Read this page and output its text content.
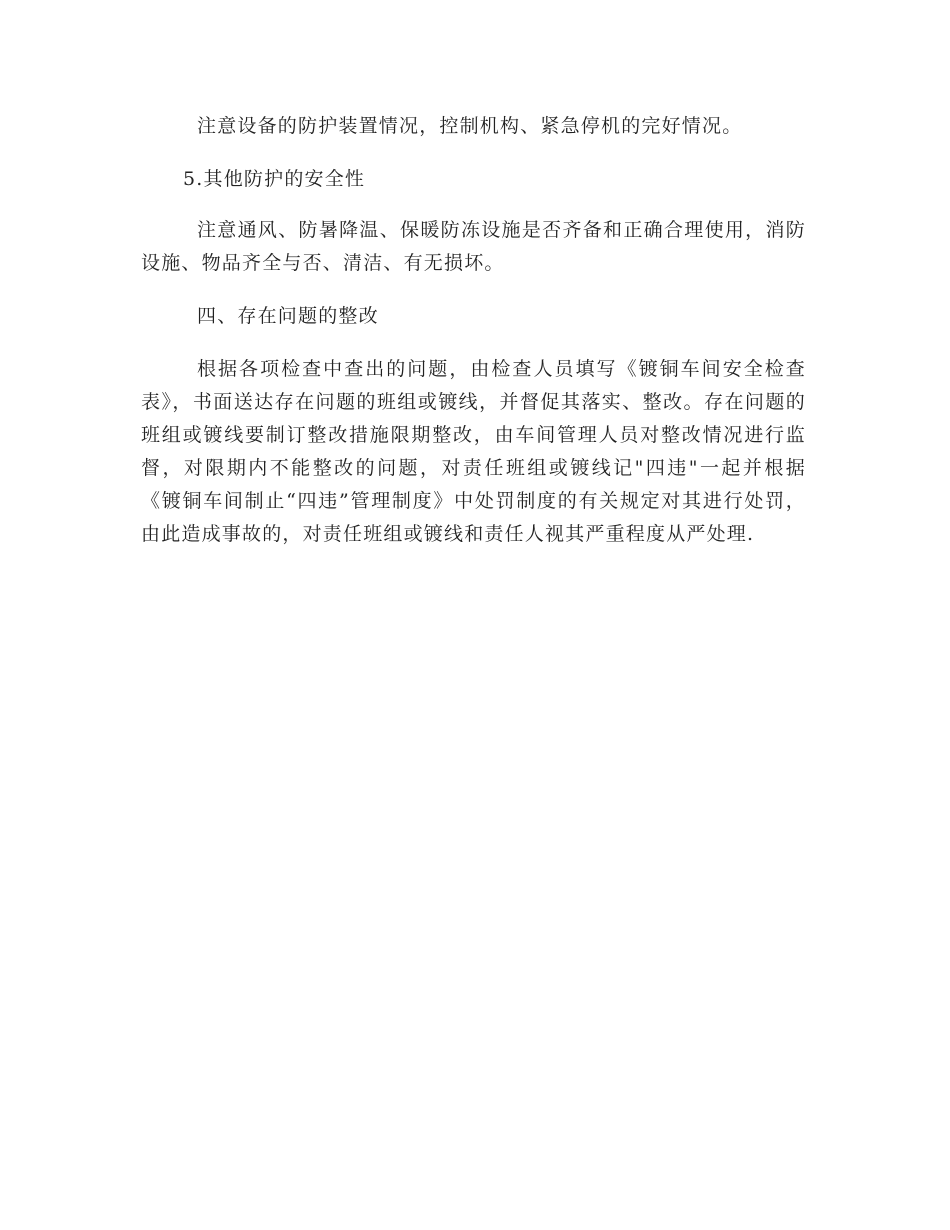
注意设备的防护装置情况，控制机构、紧急停机的完好情况。

5.其他防护的安全性

注意通风、防暑降温、保暖防冻设施是否齐备和正确合理使用，消防设施、物品齐全与否、清洁、有无损坏。

四、存在问题的整改

根据各项检查中查出的问题，由检查人员填写《镀铜车间安全检查表》，书面送达存在问题的班组或镀线，并督促其落实、整改。存在问题的班组或镀线要制订整改措施限期整改，由车间管理人员对整改情况进行监督，对限期内不能整改的问题，对责任班组或镀线记"四违"一起并根据《镀铜车间制止“四违”管理制度》中处罚制度的有关规定对其进行处罚，由此造成事故的，对责任班组或镀线和责任人视其严重程度从严处理.
